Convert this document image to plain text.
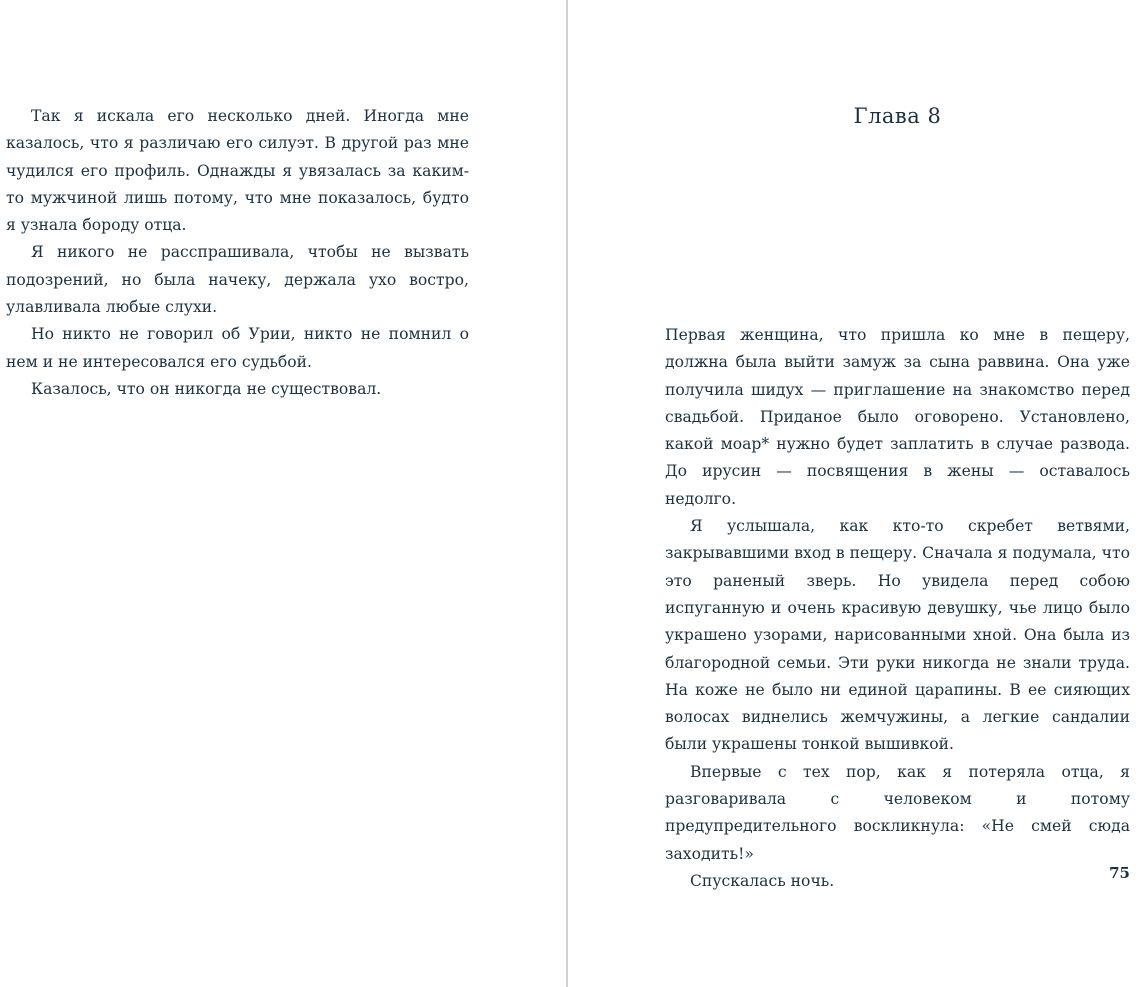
Так я искала его несколько дней. Иногда мне казалось, что я различаю его силуэт. В другой раз мне чудился его профиль. Однажды я увязалась за каким-то мужчиной лишь потому, что мне показалось, будто я узнала бороду отца.

Я никого не расспрашивала, чтобы не вызвать подозрений, но была начеку, держала ухо востро, улавливала любые слухи.

Но никто не говорил об Урии, никто не помнил о нем и не интересовался его судьбой.

Казалось, что он никогда не существовал.

Глава 8

Первая женщина, что пришла ко мне в пещеру, должна была выйти замуж за сына раввина. Она уже получила шидух — приглашение на знакомство перед свадьбой. Приданое было оговорено. Установлено, какой моар* нужно будет заплатить в случае развода. До ирусин — посвящения в жены — оставалось недолго.

Я услышала, как кто-то скребет ветвями, закрывавшими вход в пещеру. Сначала я подумала, что это раненый зверь. Но увидела перед собою испуганную и очень красивую девушку, чье лицо было украшено узорами, нарисованными хной. Она была из благородной семьи. Эти руки никогда не знали труда. На коже не было ни единой царапины. В ее сияющих волосах виднелись жемчужины, а легкие сандалии были украшены тонкой вышивкой.

Впервые с тех пор, как я потеряла отца, я разговаривала с человеком и потому предупредительного воскликнула: «Не смей сюда заходить!»

Спускалась ночь.	75
